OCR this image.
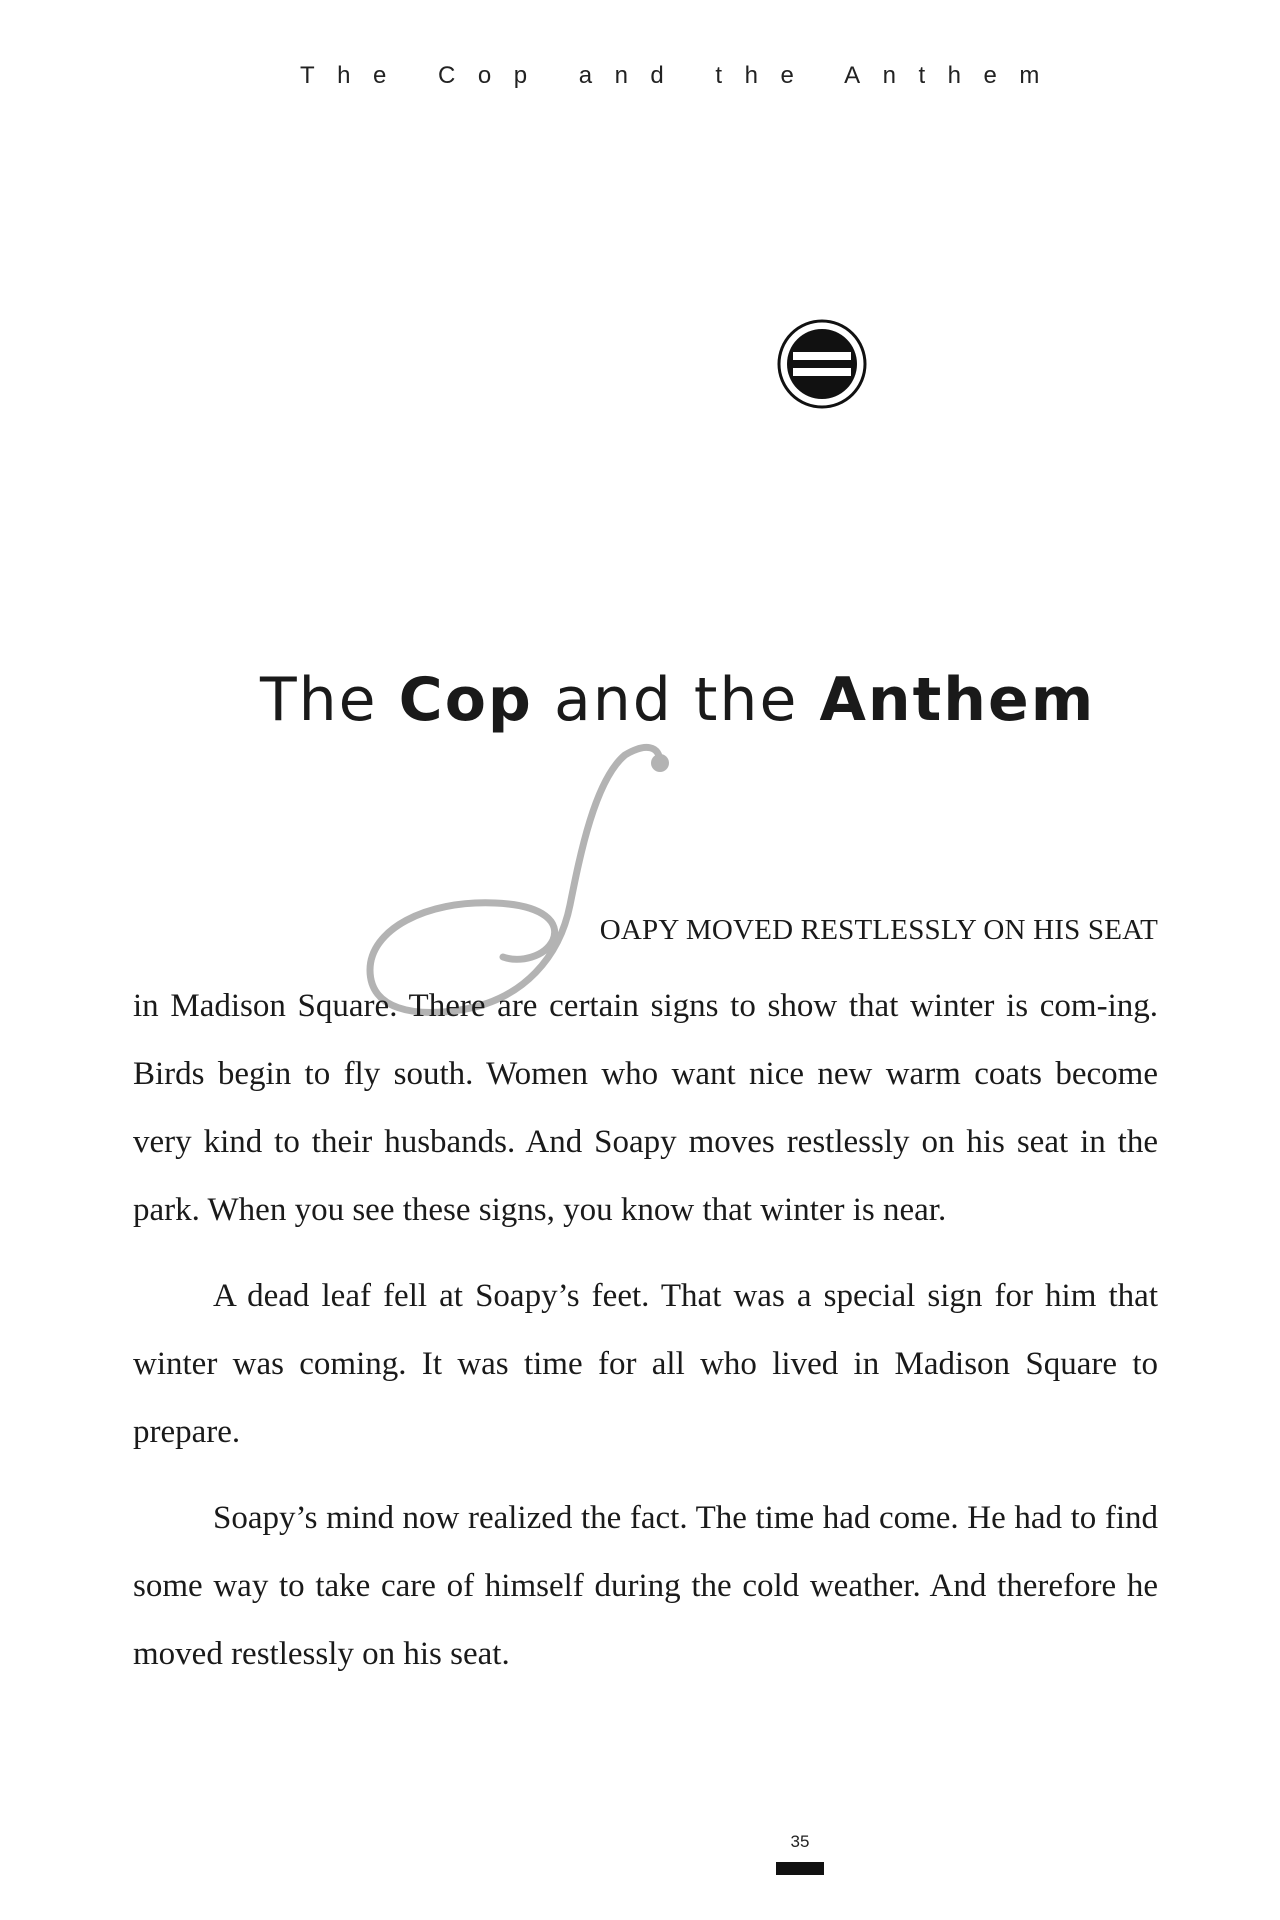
The Cop and the Anthem
The Cop and the Anthem
OAPY MOVED RESTLESSLY ON HIS SEAT

in Madison Square. There are certain signs to show that winter is com-ing. Birds begin to fly south. Women who want nice new warm coats become very kind to their husbands. And Soapy moves restlessly on his seat in the park. When you see these signs, you know that winter is near.

A dead leaf fell at Soapy’s feet. That was a special sign for him that winter was coming. It was time for all who lived in Madison Square to prepare.

Soapy’s mind now realized the fact. The time had come. He had to find some way to take care of himself during the cold weather. And therefore he moved restlessly on his seat.

35
